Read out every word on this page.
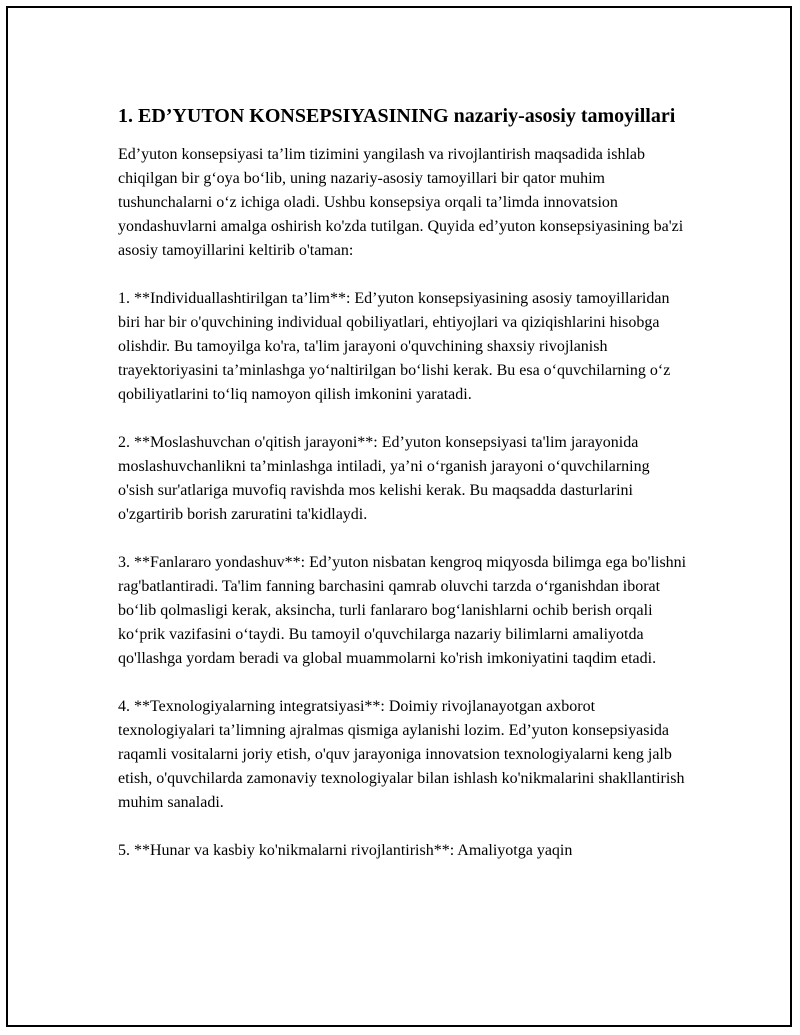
1. ED’YUTON KONSEPSIYASINING nazariy-asosiy tamoyillari

Ed’yuton konsepsiyasi ta’lim tizimini yangilash va rivojlantirish maqsadida ishlab chiqilgan bir g‘oya bo‘lib, uning nazariy-asosiy tamoyillari bir qator muhim tushunchalarni o‘z ichiga oladi. Ushbu konsepsiya orqali ta’limda innovatsion yondashuvlarni amalga oshirish ko'zda tutilgan. Quyida ed’yuton konsepsiyasining ba'zi asosiy tamoyillarini keltirib o'taman:

1. **Individuallashtirilgan ta’lim**: Ed’yuton konsepsiyasining asosiy tamoyillaridan biri har bir o'quvchining individual qobiliyatlari, ehtiyojlari va qiziqishlarini hisobga olishdir. Bu tamoyilga ko'ra, ta'lim jarayoni o'quvchining shaxsiy rivojlanish trayektoriyasini ta’minlashga yo‘naltirilgan bo‘lishi kerak. Bu esa o‘quvchilarning o‘z qobiliyatlarini to‘liq namoyon qilish imkonini yaratadi.

2. **Moslashuvchan o'qitish jarayoni**: Ed’yuton konsepsiyasi ta'lim jarayonida moslashuvchanlikni ta’minlashga intiladi, ya’ni o‘rganish jarayoni o‘quvchilarning o'sish sur'atlariga muvofiq ravishda mos kelishi kerak. Bu maqsadda dasturlarini o'zgartirib borish zaruratini ta'kidlaydi.

3. **Fanlararo yondashuv**: Ed’yuton nisbatan kengroq miqyosda bilimga ega bo'lishni rag'batlantiradi. Ta'lim fanning barchasini qamrab oluvchi tarzda o‘rganishdan iborat bo‘lib qolmasligi kerak, aksincha, turli fanlararo bog‘lanishlarni ochib berish orqali ko‘prik vazifasini o‘taydi. Bu tamoyil o'quvchilarga nazariy bilimlarni amaliyotda qo'llashga yordam beradi va global muammolarni ko'rish imkoniyatini taqdim etadi.

4. **Texnologiyalarning integratsiyasi**: Doimiy rivojlanayotgan axborot texnologiyalari ta’limning ajralmas qismiga aylanishi lozim. Ed’yuton konsepsiyasida raqamli vositalarni joriy etish, o'quv jarayoniga innovatsion texnologiyalarni keng jalb etish, o'quvchilarda zamonaviy texnologiyalar bilan ishlash ko'nikmalarini shakllantirish muhim sanaladi.

5. **Hunar va kasbiy ko'nikmalarni rivojlantirish**: Amaliyotga yaqin
